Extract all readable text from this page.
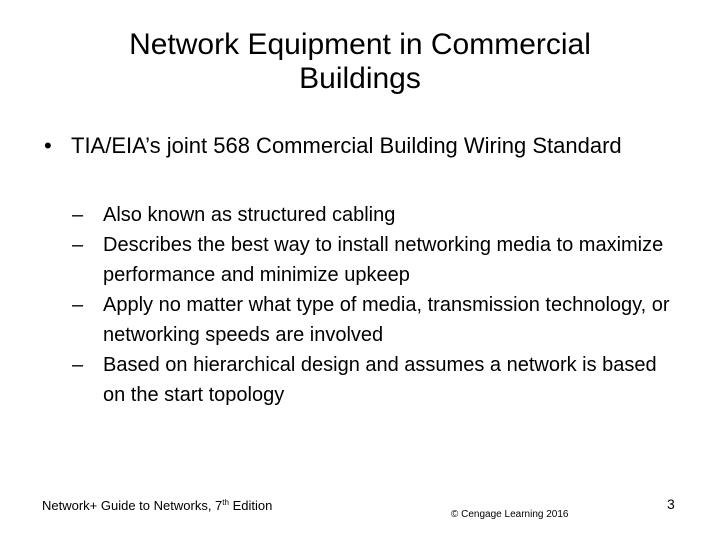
Network Equipment in Commercial
Buildings
• TIA/EIA’s joint 568 Commercial Building Wiring Standard
– Also known as structured cabling
– Describes the best way to install networking media to maximize performance and minimize upkeep
– Apply no matter what type of media, transmission technology, or networking speeds are involved
– Based on hierarchical design and assumes a network is based on the start topology
Network+ Guide to Networks, 7th Edition
© Cengage Learning 2016
3
